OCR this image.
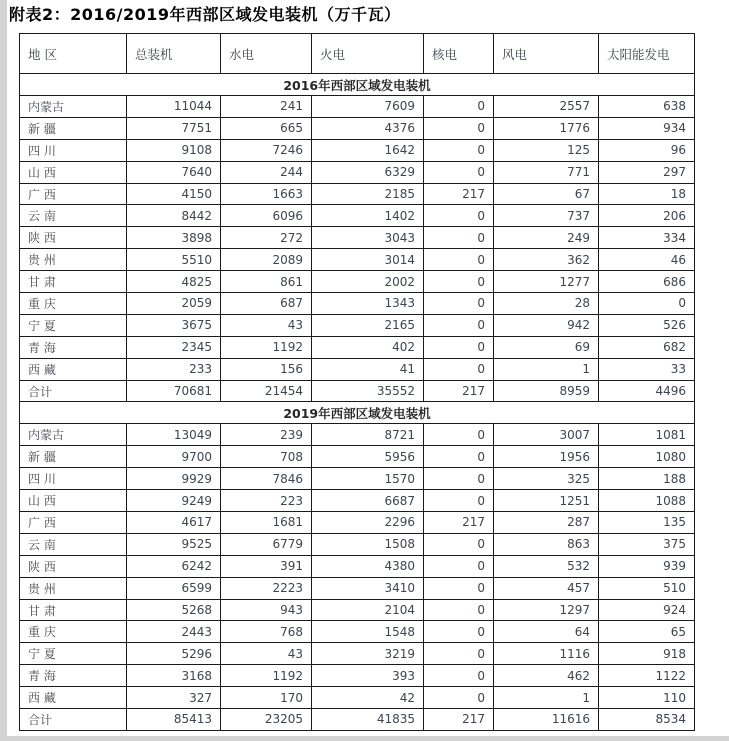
附表2：2016/2019年西部区域发电装机（万千瓦）
地 区	总装机	水电	火电	核电	风电	太阳能发电
2016年西部区域发电装机						
内蒙古	11044	241	7609	0	2557	638
新 疆	7751	665	4376	0	1776	934
四 川	9108	7246	1642	0	125	96
山 西	7640	244	6329	0	771	297
广 西	4150	1663	2185	217	67	18
云 南	8442	6096	1402	0	737	206
陕 西	3898	272	3043	0	249	334
贵 州	5510	2089	3014	0	362	46
甘 肃	4825	861	2002	0	1277	686
重 庆	2059	687	1343	0	28	0
宁 夏	3675	43	2165	0	942	526
青 海	2345	1192	402	0	69	682
西 藏	233	156	41	0	1	33
合计	70681	21454	35552	217	8959	4496
2019年西部区域发电装机						
内蒙古	13049	239	8721	0	3007	1081
新 疆	9700	708	5956	0	1956	1080
四 川	9929	7846	1570	0	325	188
山 西	9249	223	6687	0	1251	1088
广 西	4617	1681	2296	217	287	135
云 南	9525	6779	1508	0	863	375
陕 西	6242	391	4380	0	532	939
贵 州	6599	2223	3410	0	457	510
甘 肃	5268	943	2104	0	1297	924
重 庆	2443	768	1548	0	64	65
宁 夏	5296	43	3219	0	1116	918
青 海	3168	1192	393	0	462	1122
西 藏	327	170	42	0	1	110
合计	85413	23205	41835	217	11616	8534
